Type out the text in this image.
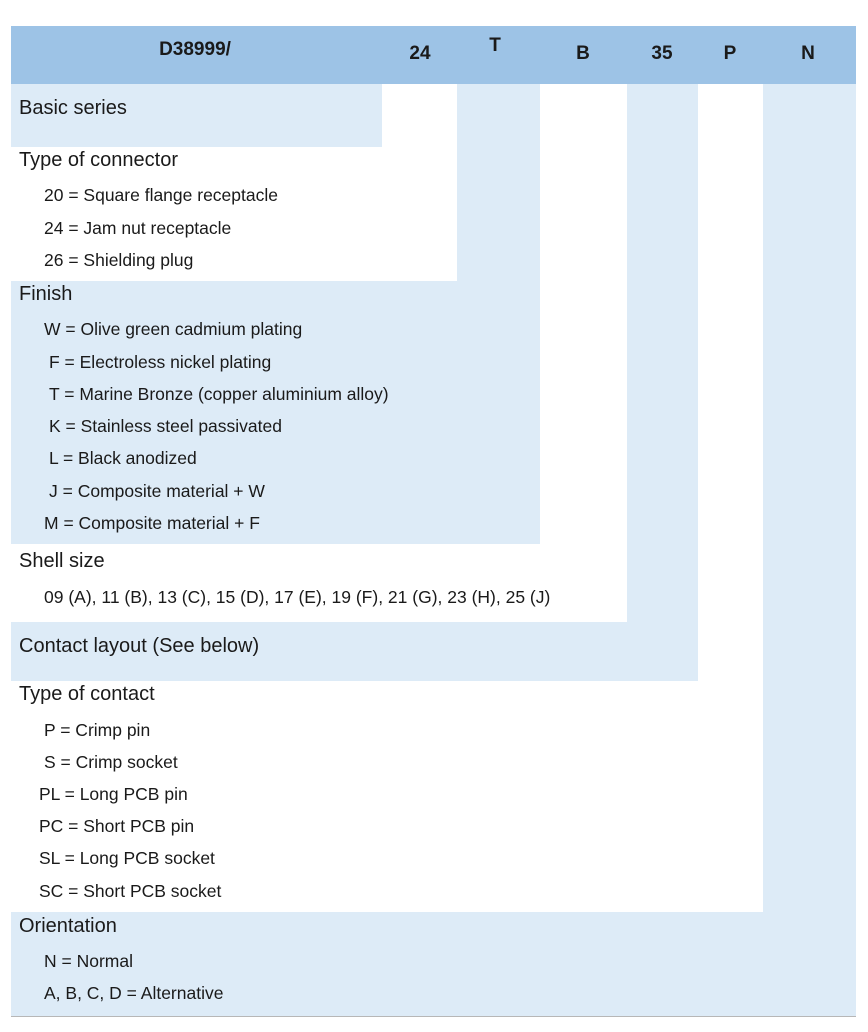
D38999/	24	T	B	35	P	N
Basic series
Type of connector
20 = Square flange receptacle
24 = Jam nut receptacle
26 = Shielding plug
Finish
W = Olive green cadmium plating
F = Electroless nickel plating
T = Marine Bronze (copper aluminium alloy)
K = Stainless steel passivated
L = Black anodized
J = Composite material + W
M = Composite material + F
Shell size
09 (A), 11 (B), 13 (C), 15 (D), 17 (E), 19 (F), 21 (G), 23 (H), 25 (J)
Contact layout (See below)
Type of contact
P = Crimp pin
S = Crimp socket
PL = Long PCB pin
PC = Short PCB pin
SL = Long PCB socket
SC = Short PCB socket
Orientation
N = Normal
A, B, C, D = Alternative
